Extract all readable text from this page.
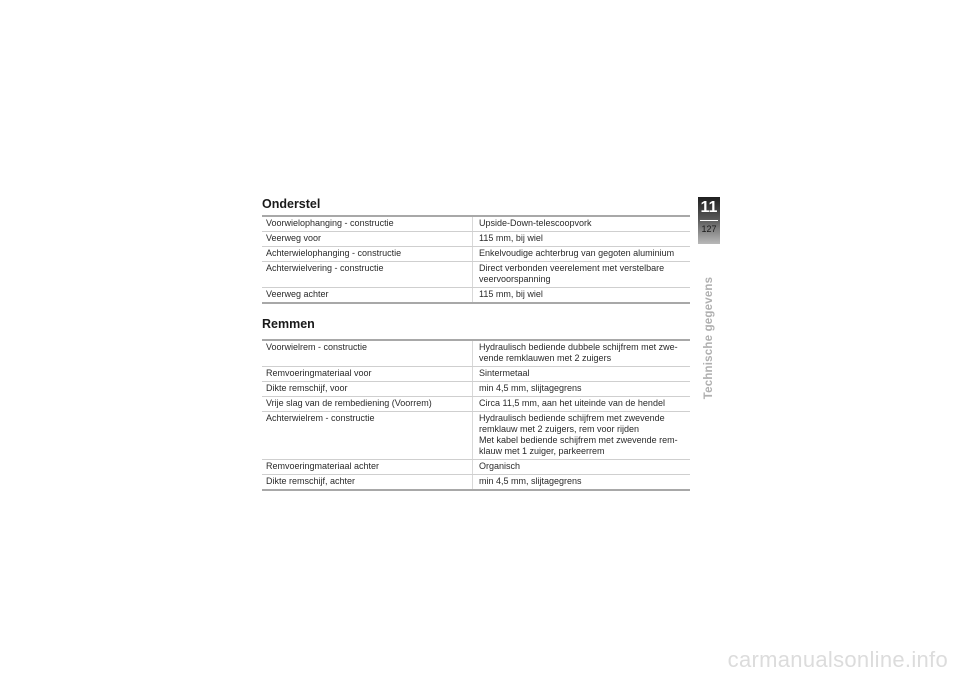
Onderstel
Voorwielophanging - constructie	Upside-Down-telescoopvork

Veerweg voor	115 mm, bij wiel

Achterwielophanging - constructie	Enkelvoudige achterbrug van gegoten aluminium

Achterwielvering - constructie	Direct verbonden veerelement met verstelbare
veervoorspanning

Veerweg achter	115 mm, bij wiel
Remmen
Voorwielrem - constructie	Hydraulisch bediende dubbele schijfrem met zwe-
vende remklauwen met 2 zuigers

Remvoeringmateriaal voor	Sintermetaal

Dikte remschijf, voor	min 4,5 mm, slijtagegrens

Vrije slag van de rembediening (Voorrem)	Circa 11,5 mm, aan het uiteinde van de hendel

Achterwielrem - constructie	Hydraulisch bediende schijfrem met zwevende
remklauw met 2 zuigers, rem voor rijden
Met kabel bediende schijfrem met zwevende rem-
klauw met 1 zuiger, parkeerrem

Remvoeringmateriaal achter	Organisch

Dikte remschijf, achter	min 4,5 mm, slijtagegrens
11
127
Technische gegevens
carmanualsonline.info
